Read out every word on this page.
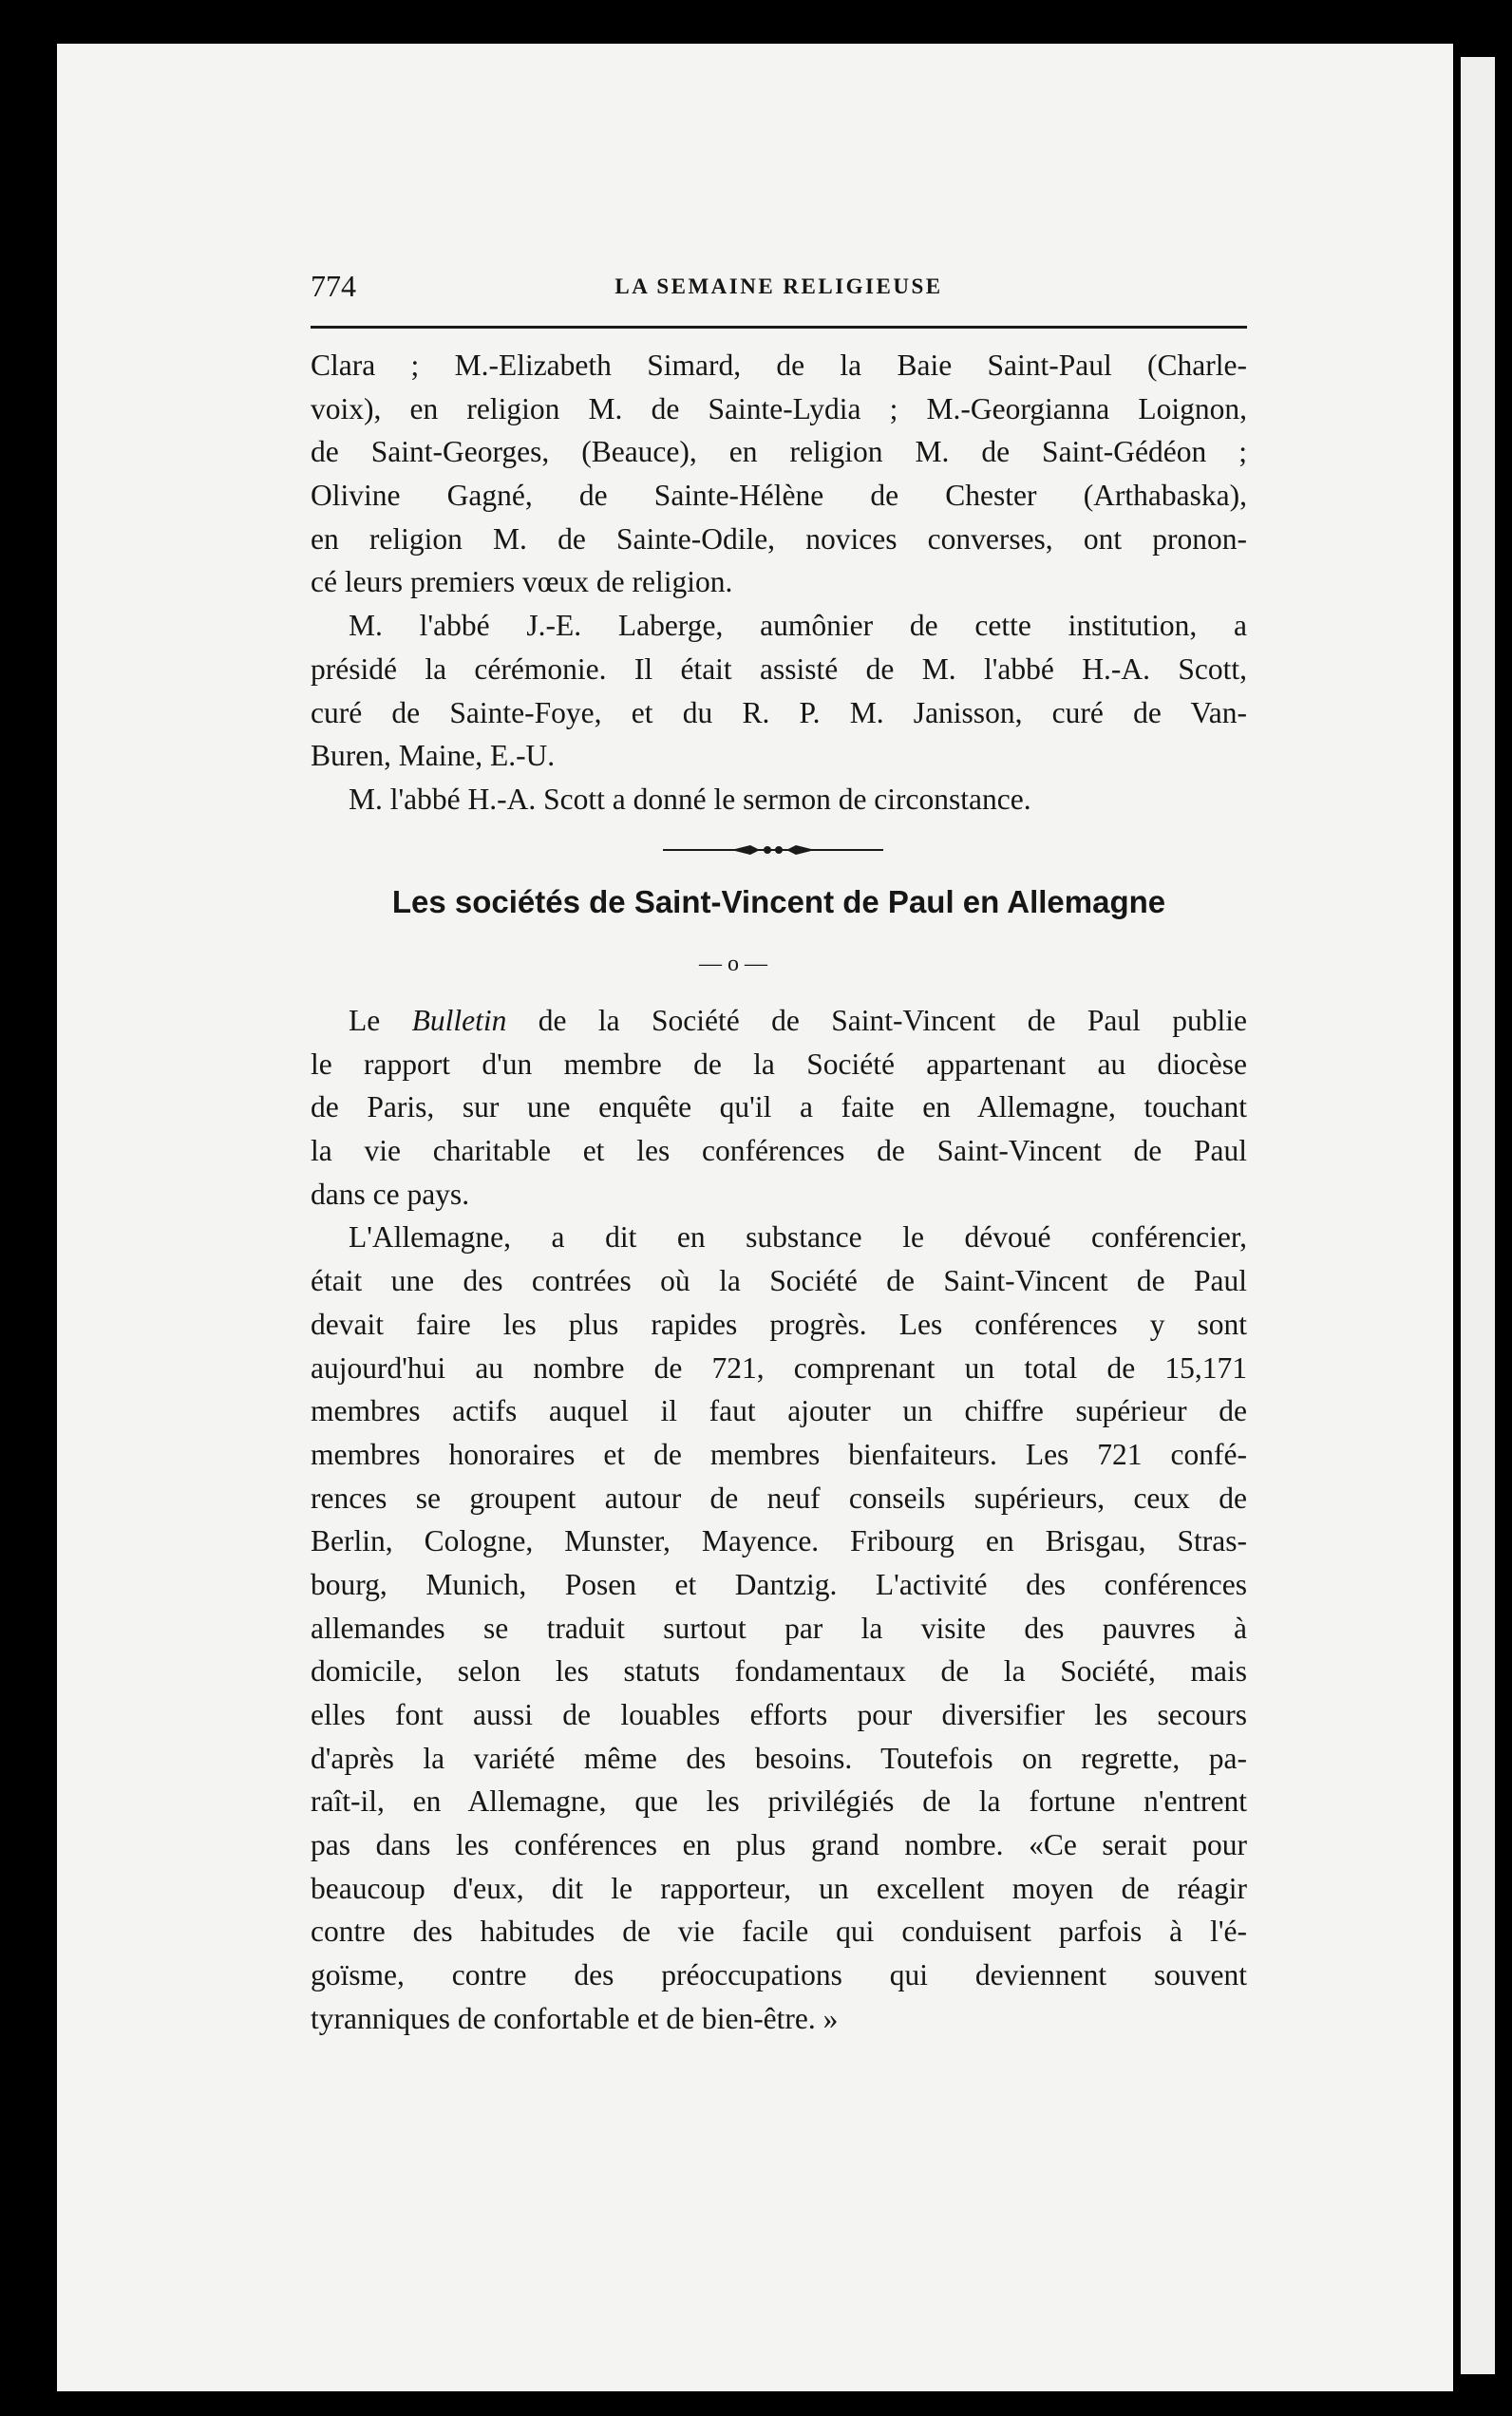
774	LA SEMAINE RELIGIEUSE
Clara ; M.-Elizabeth Simard, de la Baie Saint-Paul (Charle-
voix), en religion M. de Sainte-Lydia ; M.-Georgianna Loignon,
de Saint-Georges, (Beauce), en religion M. de Saint-Gédéon ;
Olivine Gagné, de Sainte-Hélène de Chester (Arthabaska),
en religion M. de Sainte-Odile, novices converses, ont pronon-
cé leurs premiers vœux de religion.
M. l'abbé J.-E. Laberge, aumônier de cette institution, a
présidé la cérémonie. Il était assisté de M. l'abbé H.-A. Scott,
curé de Sainte-Foye, et du R. P. M. Janisson, curé de Van-
Buren, Maine, E.-U.
M. l'abbé H.-A. Scott a donné le sermon de circonstance.
Les sociétés de Saint-Vincent de Paul en Allemagne
— o —
Le Bulletin de la Société de Saint-Vincent de Paul publie
le rapport d'un membre de la Société appartenant au diocèse
de Paris, sur une enquête qu'il a faite en Allemagne, touchant
la vie charitable et les conférences de Saint-Vincent de Paul
dans ce pays.
L'Allemagne, a dit en substance le dévoué conférencier,
était une des contrées où la Société de Saint-Vincent de Paul
devait faire les plus rapides progrès. Les conférences y sont
aujourd'hui au nombre de 721, comprenant un total de 15,171
membres actifs auquel il faut ajouter un chiffre supérieur de
membres honoraires et de membres bienfaiteurs. Les 721 confé-
rences se groupent autour de neuf conseils supérieurs, ceux de
Berlin, Cologne, Munster, Mayence. Fribourg en Brisgau, Stras-
bourg, Munich, Posen et Dantzig. L'activité des conférences
allemandes se traduit surtout par la visite des pauvres à
domicile, selon les statuts fondamentaux de la Société, mais
elles font aussi de louables efforts pour diversifier les secours
d'après la variété même des besoins. Toutefois on regrette, pa-
raît-il, en Allemagne, que les privilégiés de la fortune n'entrent
pas dans les conférences en plus grand nombre. «Ce serait pour
beaucoup d'eux, dit le rapporteur, un excellent moyen de réagir
contre des habitudes de vie facile qui conduisent parfois à l'é-
goïsme, contre des préoccupations qui deviennent souvent
tyranniques de confortable et de bien-être. »
